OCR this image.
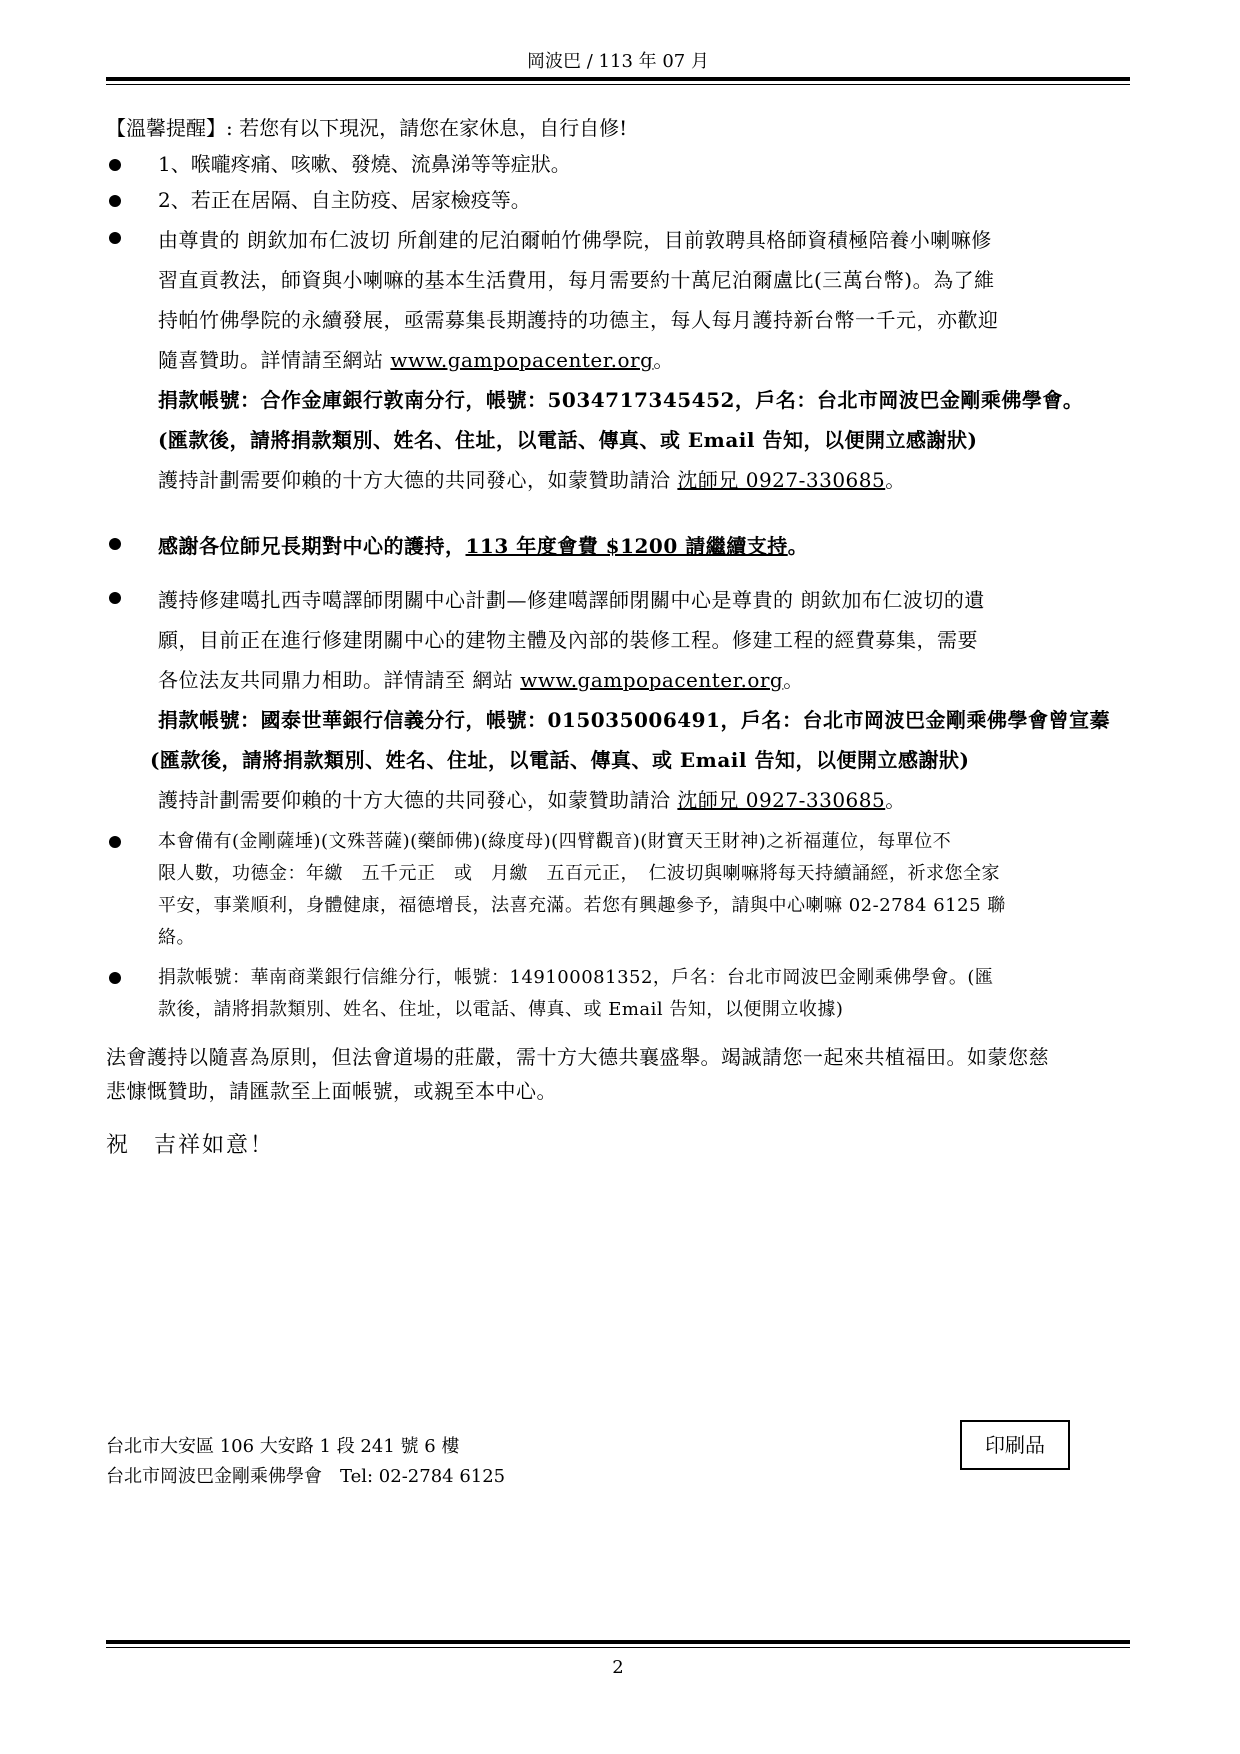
岡波巴 / 113 年 07 月
【溫馨提醒】: 若您有以下現況，請您在家休息，自行自修!
1、喉嚨疼痛、咳嗽、發燒、流鼻涕等等症狀。
2、若正在居隔、自主防疫、居家檢疫等。
由尊貴的 朗欽加布仁波切 所創建的尼泊爾帕竹佛學院，目前敦聘具格師資積極陪養小喇嘛修
習直貢教法，師資與小喇嘛的基本生活費用，每月需要約十萬尼泊爾盧比(三萬台幣)。為了維
持帕竹佛學院的永續發展，亟需募集長期護持的功德主，每人每月護持新台幣一千元，亦歡迎
隨喜贊助。詳情請至網站 www.gampopacenter.org。
捐款帳號：合作金庫銀行敦南分行，帳號：5034717345452，戶名：台北市岡波巴金剛乘佛學會。
(匯款後，請將捐款類別、姓名、住址，以電話、傳真、或 Email 告知，以便開立感謝狀)
護持計劃需要仰賴的十方大德的共同發心，如蒙贊助請洽 沈師兄 0927-330685。
感謝各位師兄長期對中心的護持，113 年度會費 $1200 請繼續支持。
護持修建噶扎西寺噶譯師閉關中心計劃—修建噶譯師閉關中心是尊貴的 朗欽加布仁波切的遺
願，目前正在進行修建閉關中心的建物主體及內部的裝修工程。修建工程的經費募集，需要
各位法友共同鼎力相助。詳情請至 網站 www.gampopacenter.org。
捐款帳號：國泰世華銀行信義分行，帳號：015035006491，戶名：台北市岡波巴金剛乘佛學會曾宣蓁
(匯款後，請將捐款類別、姓名、住址，以電話、傳真、或 Email 告知，以便開立感謝狀)
護持計劃需要仰賴的十方大德的共同發心，如蒙贊助請洽 沈師兄 0927-330685。
本會備有(金剛薩埵)(文殊菩薩)(藥師佛)(綠度母)(四臂觀音)(財寶天王財神)之祈福蓮位，每單位不
限人數，功德金：年繳　五千元正　或　月繳　五百元正，　仁波切與喇嘛將每天持續誦經，祈求您全家
平安，事業順利，身體健康，福德增長，法喜充滿。若您有興趣參予，請與中心喇嘛 02-2784 6125 聯
絡。
捐款帳號：華南商業銀行信維分行，帳號：149100081352，戶名：台北市岡波巴金剛乘佛學會。(匯
款後，請將捐款類別、姓名、住址，以電話、傳真、或 Email 告知，以便開立收據)
法會護持以隨喜為原則，但法會道場的莊嚴，需十方大德共襄盛舉。竭誠請您一起來共植福田。如蒙您慈
悲慷慨贊助，請匯款至上面帳號，或親至本中心。
祝　吉祥如意！
台北市大安區 106 大安路 1 段 241 號 6 樓
台北市岡波巴金剛乘佛學會　Tel: 02-2784 6125
印刷品
2
